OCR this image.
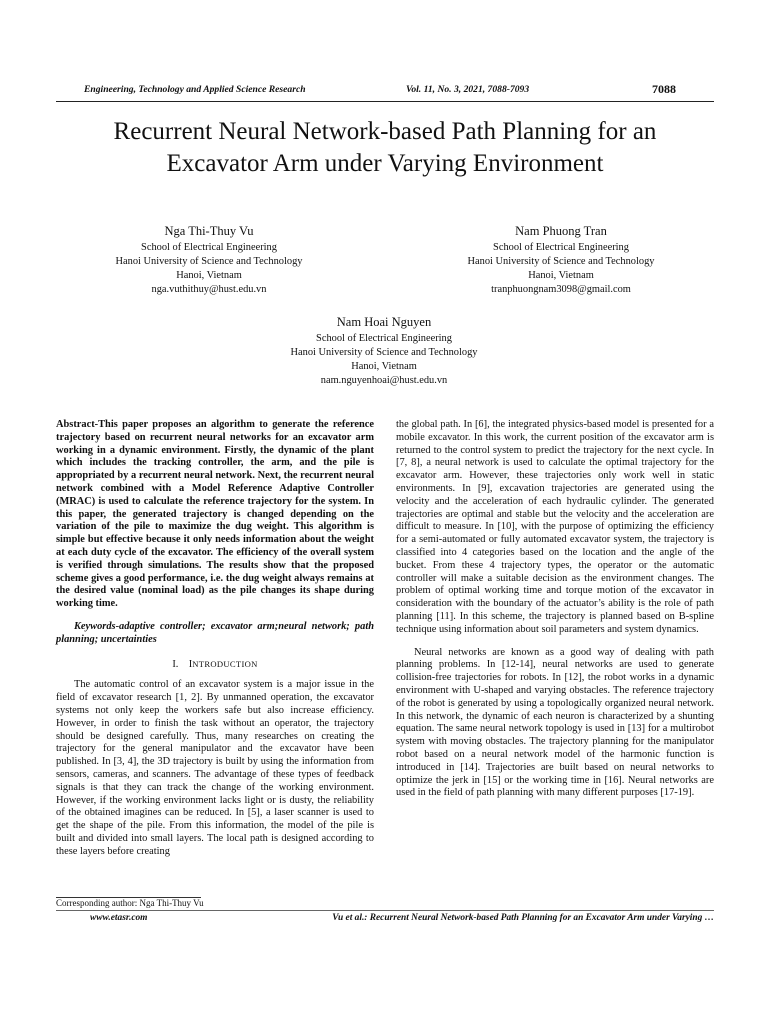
Engineering, Technology and Applied Science Research	Vol. 11, No. 3, 2021, 7088-7093	7088
Recurrent Neural Network-based Path Planning for an
Excavator Arm under Varying Environment
Nga Thi-Thuy Vu
School of Electrical Engineering
Hanoi University of Science and Technology
Hanoi, Vietnam
nga.vuthithuy@hust.edu.vn
Nam Phuong Tran
School of Electrical Engineering
Hanoi University of Science and Technology
Hanoi, Vietnam
tranphuongnam3098@gmail.com
Nam Hoai Nguyen
School of Electrical Engineering
Hanoi University of Science and Technology
Hanoi, Vietnam
nam.nguyenhoai@hust.edu.vn

Abstract-This paper proposes an algorithm to generate the reference trajectory based on recurrent neural networks for an excavator arm working in a dynamic environment. Firstly, the dynamic of the plant which includes the tracking controller, the arm, and the pile is appropriated by a recurrent neural network. Next, the recurrent neural network combined with a Model Reference Adaptive Controller (MRAC) is used to calculate the reference trajectory for the system. In this paper, the generated trajectory is changed depending on the variation of the pile to maximize the dug weight. This algorithm is simple but effective because it only needs information about the weight at each duty cycle of the excavator. The efficiency of the overall system is verified through simulations. The results show that the proposed scheme gives a good performance, i.e. the dug weight always remains at the desired value (nominal load) as the pile changes its shape during working time.

Keywords-adaptive controller; excavator arm;neural network; path planning; uncertainties

I. INTRODUCTION

The automatic control of an excavator system is a major issue in the field of excavator research [1, 2]. By unmanned operation, the excavator systems not only keep the workers safe but also increase efficiency. However, in order to finish the task without an operator, the trajectory should be designed carefully. Thus, many researches on creating the trajectory for the general manipulator and the excavator have been published. In [3, 4], the 3D trajectory is built by using the information from sensors, cameras, and scanners. The advantage of these types of feedback signals is that they can track the change of the working environment. However, if the working environment lacks light or is dusty, the reliability of the obtained imagines can be reduced. In [5], a laser scanner is used to get the shape of the pile. From this information, the model of the pile is built and divided into small layers. The local path is designed according to these layers before creating

the global path. In [6], the integrated physics-based model is presented for a mobile excavator. In this work, the current position of the excavator arm is returned to the control system to predict the trajectory for the next cycle. In [7, 8], a neural network is used to calculate the optimal trajectory for the excavator arm. However, these trajectories only work well in static environments. In [9], excavation trajectories are generated using the velocity and the acceleration of each hydraulic cylinder. The generated trajectories are optimal and stable but the velocity and the acceleration are difficult to measure. In [10], with the purpose of optimizing the efficiency for a semi-automated or fully automated excavator system, the trajectory is classified into 4 categories based on the location and the angle of the bucket. From these 4 trajectory types, the operator or the automatic controller will make a suitable decision as the environment changes. The problem of optimal working time and torque motion of the excavator in consideration with the boundary of the actuator’s ability is the role of path planning [11]. In this scheme, the trajectory is planned based on B-spline technique using information about soil parameters and system dynamics.

Neural networks are known as a good way of dealing with path planning problems. In [12-14], neural networks are used to generate collision-free trajectories for robots. In [12], the robot works in a dynamic environment with U-shaped and varying obstacles. The reference trajectory of the robot is generated by using a topologically organized neural network. In this network, the dynamic of each neuron is characterized by a shunting equation. The same neural network topology is used in [13] for a multirobot system with moving obstacles. The trajectory planning for the manipulator robot based on a neural network model of the harmonic function is introduced in [14]. Trajectories are built based on neural networks to optimize the jerk in [15] or the working time in [16]. Neural networks are used in the field of path planning with many different purposes [17-19].

Corresponding author: Nga Thi-Thuy Vu
www.etasr.com	Vu et al.: Recurrent Neural Network-based Path Planning for an Excavator Arm under Varying …
